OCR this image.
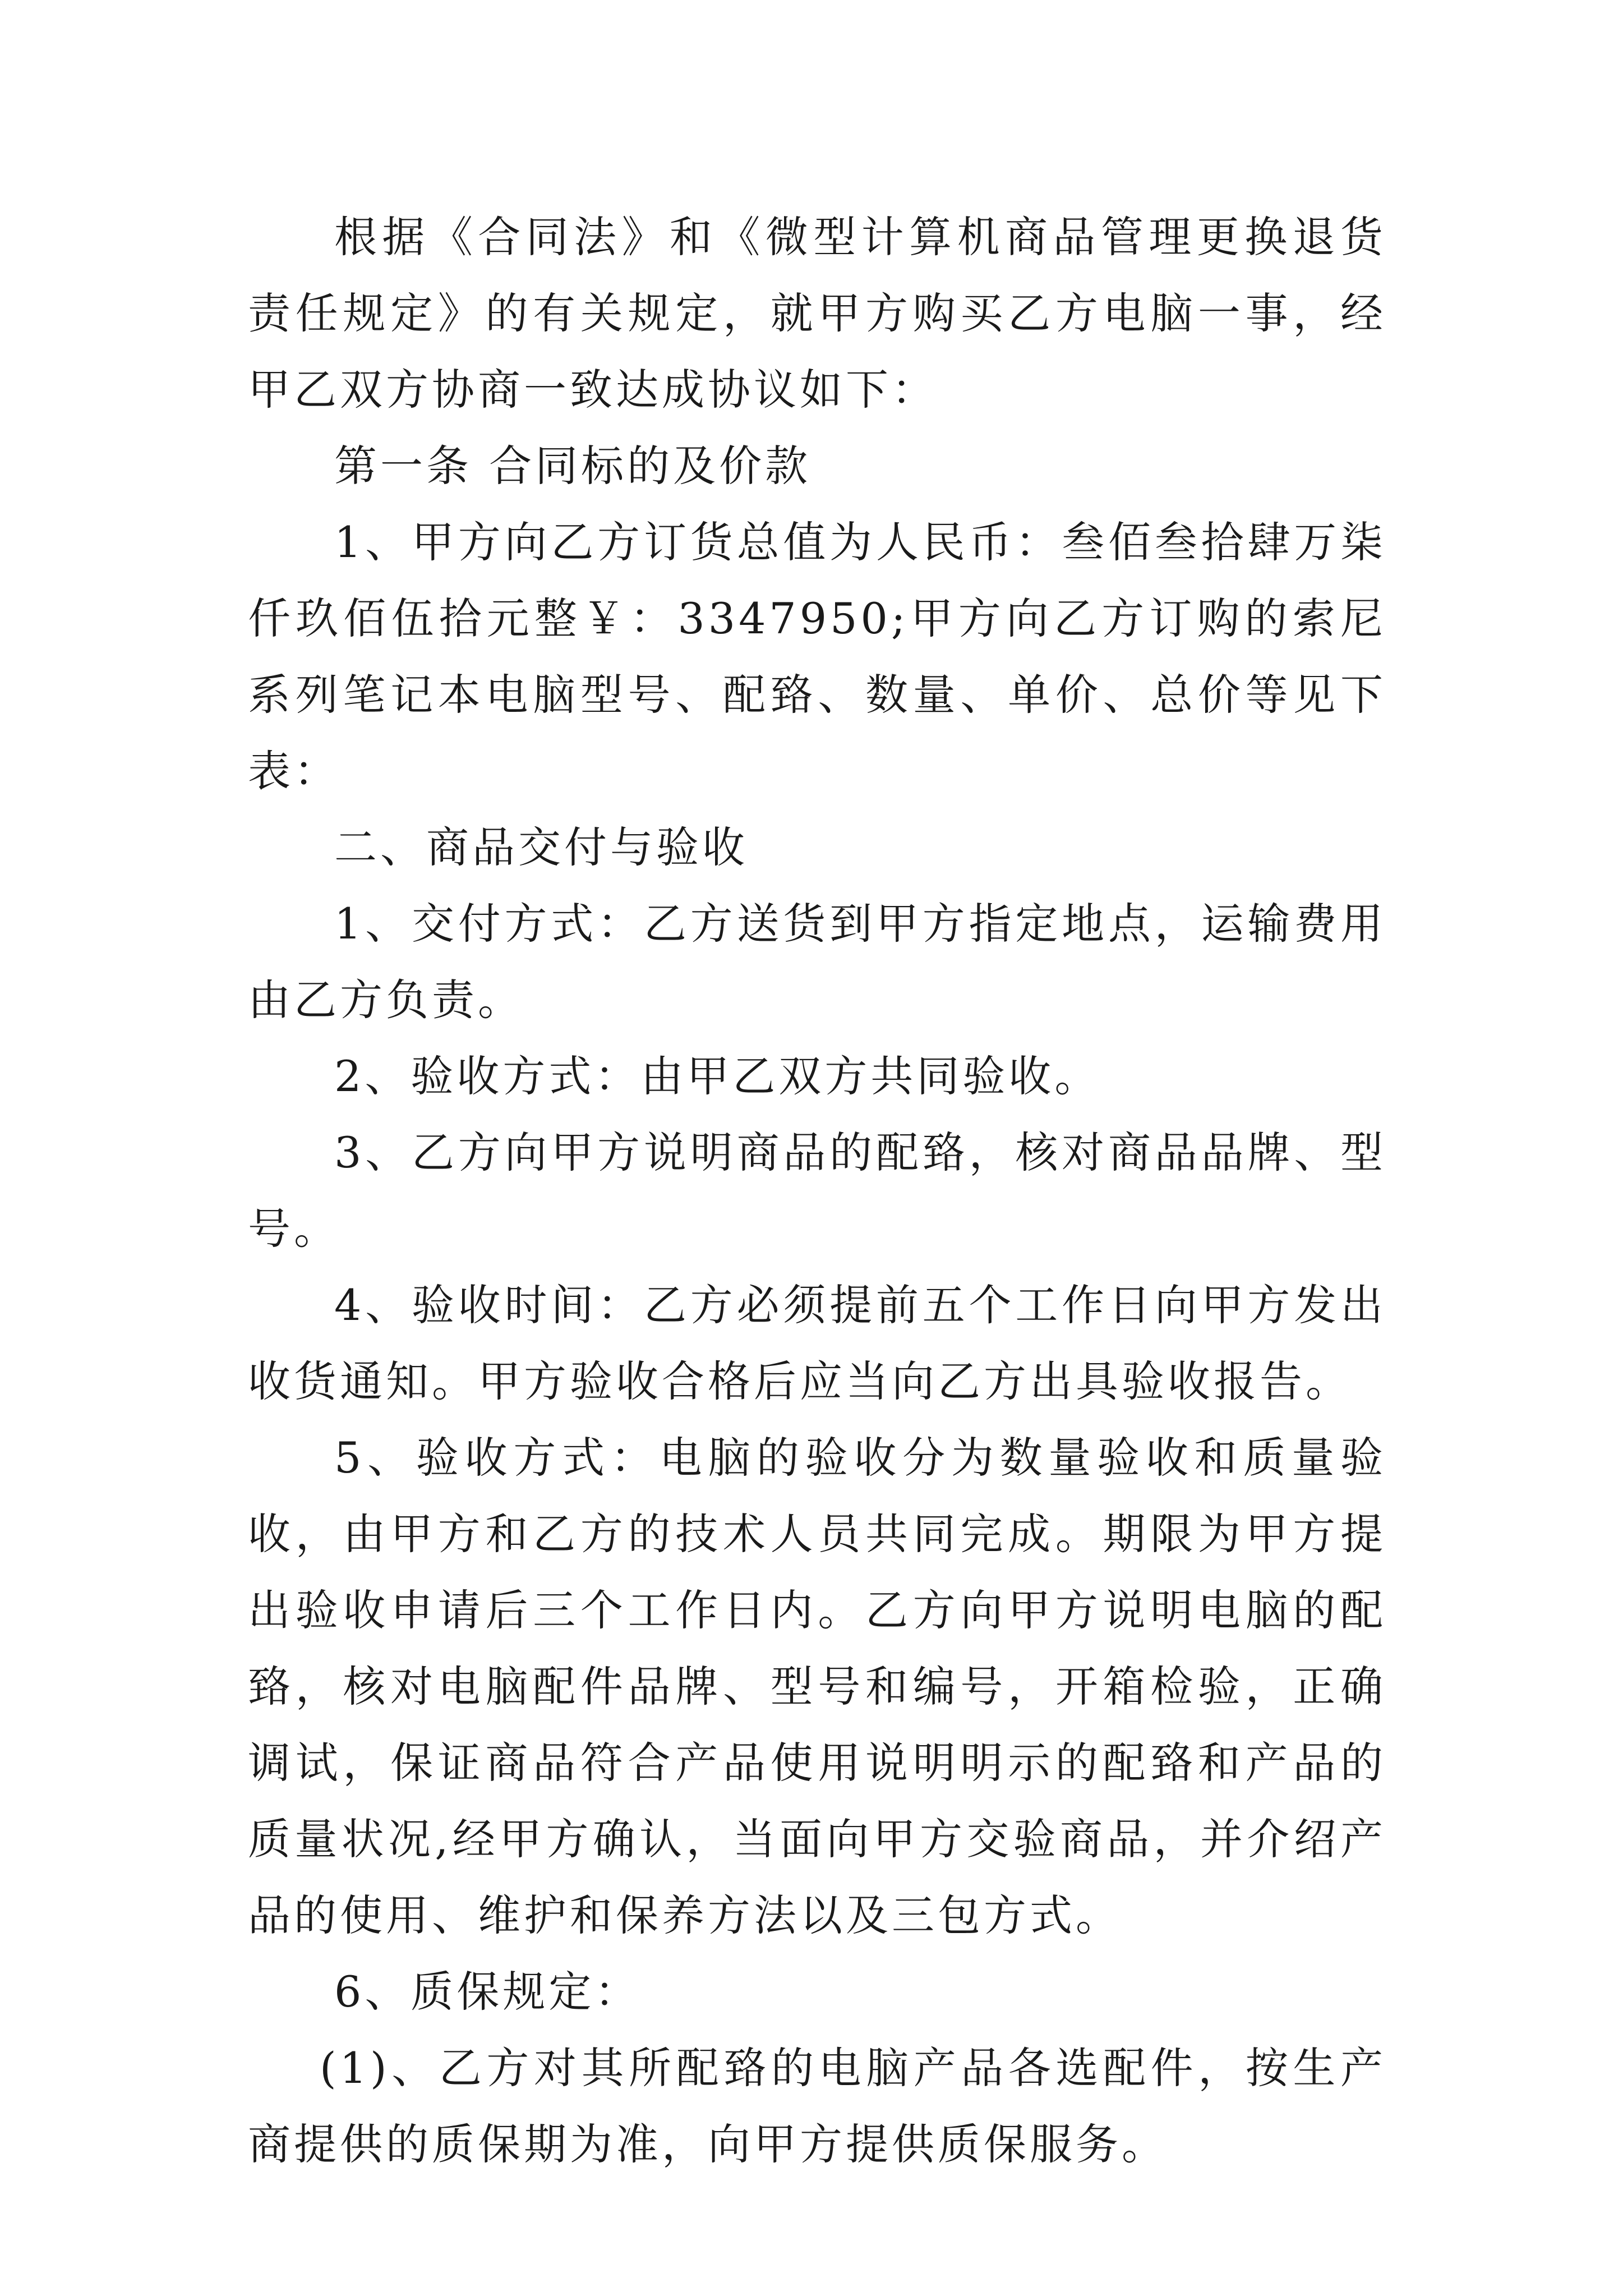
根据《合同法》和《微型计算机商品管理更换退货责任规定》的有关规定，就甲方购买乙方电脑一事，经甲乙双方协商一致达成协议如下：

第一条 合同标的及价款

1、甲方向乙方订货总值为人民币：叁佰叁拾肆万柒仟玖佰伍拾元整￥：3347950;甲方向乙方订购的索尼系列笔记本电脑型号、配臵、数量、单价、总价等见下表：

二、商品交付与验收

1、交付方式：乙方送货到甲方指定地点，运输费用由乙方负责。

2、验收方式：由甲乙双方共同验收。

3、乙方向甲方说明商品的配臵，核对商品品牌、型号。

4、验收时间：乙方必须提前五个工作日向甲方发出收货通知。甲方验收合格后应当向乙方出具验收报告。

5、验收方式：电脑的验收分为数量验收和质量验收，由甲方和乙方的技术人员共同完成。期限为甲方提出验收申请后三个工作日内。乙方向甲方说明电脑的配臵，核对电脑配件品牌、型号和编号，开箱检验，正确调试，保证商品符合产品使用说明明示的配臵和产品的质量状况,经甲方确认，当面向甲方交验商品，并介绍产品的使用、维护和保养方法以及三包方式。

6、质保规定：

(1)、乙方对其所配臵的电脑产品各选配件，按生产商提供的质保期为准，向甲方提供质保服务。
